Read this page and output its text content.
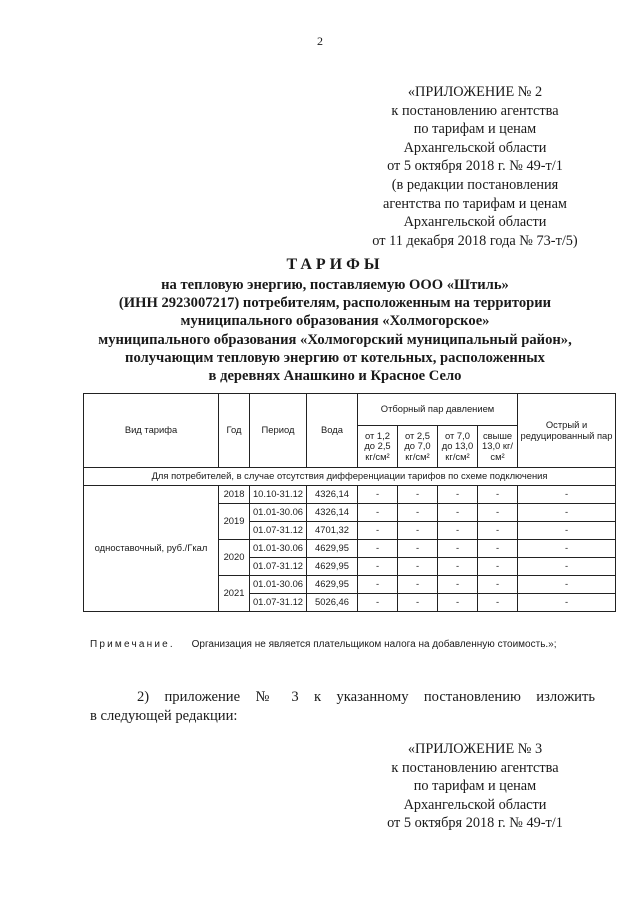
2
«ПРИЛОЖЕНИЕ № 2
к постановлению агентства
по тарифам и ценам
Архангельской области
от 5 октября 2018 г. № 49-т/1
(в редакции постановления
агентства по тарифам и ценам
Архангельской области
от 11 декабря 2018 года № 73-т/5)
ТАРИФЫ
на тепловую энергию, поставляемую ООО «Штиль»
(ИНН 2923007217) потребителям, расположенным на территории
муниципального образования «Холмогорское»
муниципального образования «Холмогорский муниципальный район»,
получающим тепловую энергию от котельных, расположенных
в деревнях Анашкино и Красное Село
Вид тарифа	Год	Период	Вода	Отборный пар давлением				Острый и редуцированный пар
				от 1,2 до 2,5 кг/см²	от 2,5 до 7,0 кг/см²	от 7,0 до 13,0 кг/см²	свыше 13,0 кг/см²	
Для потребителей, в случае отсутствия дифференциации тарифов по схеме подключения								
одноставочный, руб./Гкал	2018	10.10-31.12	4326,14	-	-	-	-	-
	2019	01.01-30.06	4326,14	-	-	-	-	-
		01.07-31.12	4701,32	-	-	-	-	-
	2020	01.01-30.06	4629,95	-	-	-	-	-
		01.07-31.12	4629,95	-	-	-	-	-
	2021	01.01-30.06	4629,95	-	-	-	-	-
		01.07-31.12	5026,46	-	-	-	-	-
Примечание. Организация не является плательщиком налога на добавленную стоимость.»;
2) приложение № 3 к указанному постановлению изложить
в следующей редакции:
«ПРИЛОЖЕНИЕ № 3
к постановлению агентства
по тарифам и ценам
Архангельской области
от 5 октября 2018 г. № 49-т/1
